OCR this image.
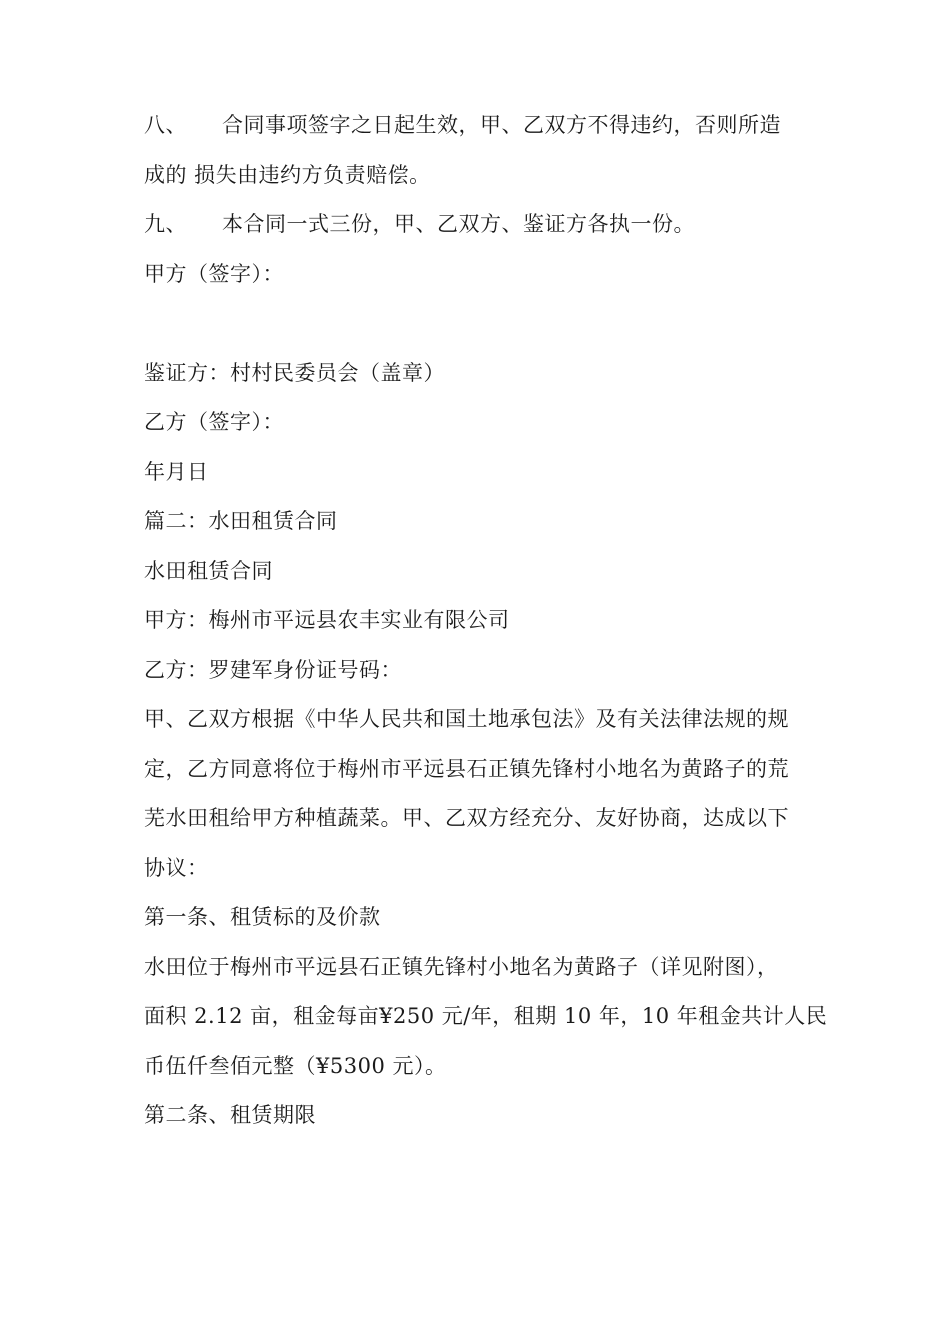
八、 合同事项签字之日起生效，甲、乙双方不得违约，否则所造
成的 损失由违约方负责赔偿。
九、 本合同一式三份，甲、乙双方、鉴证方各执一份。
甲方（签字）：
鉴证方：村村民委员会（盖章）
乙方（签字）：
年月日
篇二：水田租赁合同
水田租赁合同
甲方：梅州市平远县农丰实业有限公司
乙方：罗建军身份证号码：
甲、乙双方根据《中华人民共和国土地承包法》及有关法律法规的规
定，乙方同意将位于梅州市平远县石正镇先锋村小地名为黄路子的荒
芜水田租给甲方种植蔬菜。甲、乙双方经充分、友好协商，达成以下
协议：
第一条、租赁标的及价款
水田位于梅州市平远县石正镇先锋村小地名为黄路子（详见附图），
面积 2.12 亩，租金每亩¥250 元/年，租期 10 年，10 年租金共计人民
币伍仟叁佰元整（¥5300 元）。
第二条、租赁期限
